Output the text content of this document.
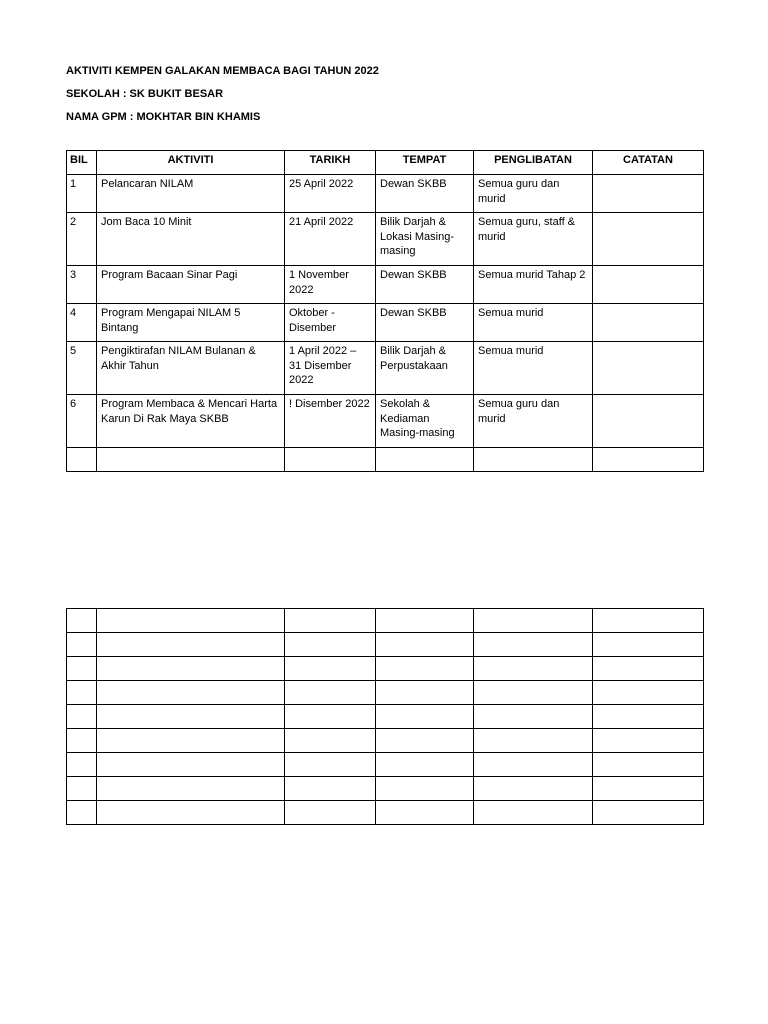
AKTIVITI KEMPEN GALAKAN MEMBACA BAGI TAHUN 2022
SEKOLAH : SK BUKIT BESAR
NAMA GPM : MOKHTAR BIN KHAMIS
BIL	AKTIVITI	TARIKH	TEMPAT	PENGLIBATAN	CATATAN
1	Pelancaran NILAM	25 April 2022	Dewan SKBB	Semua guru dan murid	
2	Jom Baca 10 Minit	21 April 2022	Bilik Darjah & Lokasi Masing-masing	Semua guru, staff & murid	
3	Program Bacaan Sinar Pagi	1 November 2022	Dewan SKBB	Semua murid Tahap 2	
4	Program Mengapai NILAM 5 Bintang	Oktober - Disember	Dewan SKBB	Semua murid	
5	Pengiktirafan NILAM Bulanan & Akhir Tahun	1 April 2022 – 31 Disember 2022	Bilik Darjah & Perpustakaan	Semua murid	
6	Program Membaca & Mencari Harta Karun Di Rak Maya SKBB	! Disember 2022	Sekolah & Kediaman Masing-masing	Semua guru dan murid	
